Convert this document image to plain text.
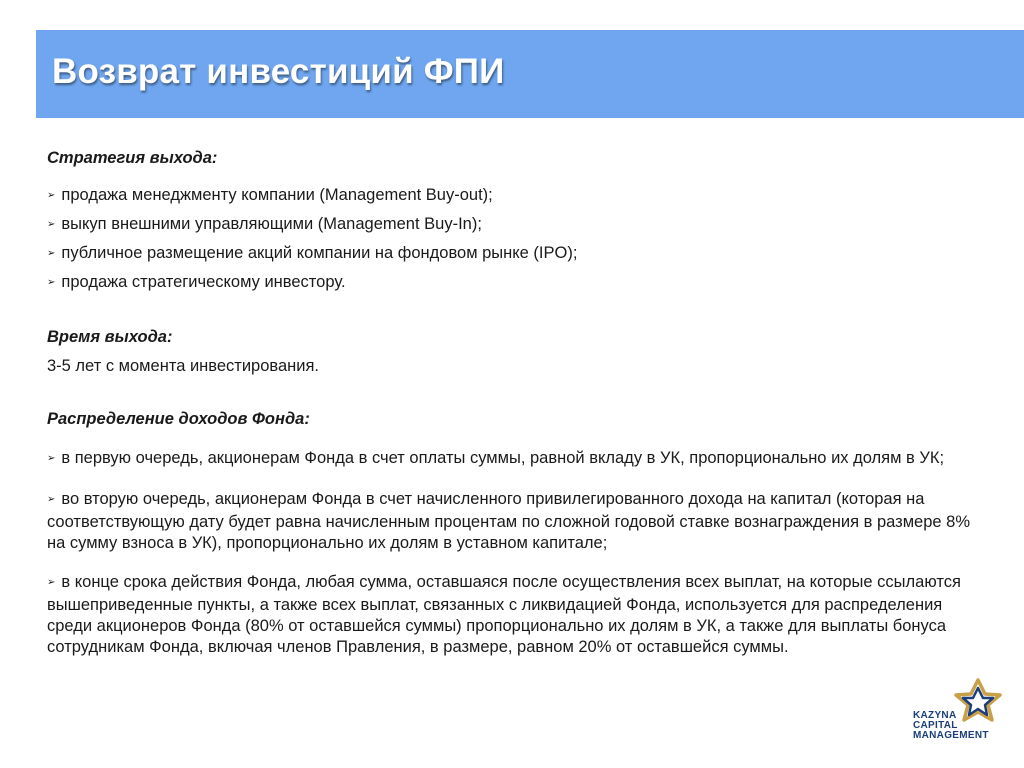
Возврат инвестиций ФПИ

Стратегия выхода:

➢ продажа менеджменту компании (Management Buy-out);
➢ выкуп внешними управляющими (Management Buy-In);
➢ публичное размещение акций компании на фондовом рынке (IPO);
➢ продажа стратегическому инвестору.

Время выхода:

3-5 лет с момента инвестирования.

Распределение доходов Фонда:

➢ в первую очередь, акционерам Фонда в счет оплаты суммы, равной вкладу в УК, пропорционально их долям в УК;
➢ во вторую очередь, акционерам Фонда в счет начисленного привилегированного дохода на капитал (которая на соответствующую дату будет равна начисленным процентам по сложной годовой ставке вознаграждения в размере 8% на сумму взноса в УК), пропорционально их долям в уставном капитале;
➢ в конце срока действия Фонда, любая сумма, оставшаяся после осуществления всех выплат, на которые ссылаются вышеприведенные пункты, а также всех выплат, связанных с ликвидацией Фонда, используется для распределения среди акционеров Фонда (80% от оставшейся суммы) пропорционально их долям в УК, а также для выплаты бонуса сотрудникам Фонда, включая членов Правления, в размере, равном 20% от оставшейся суммы.
KAZYNA
CAPITAL
MANAGEMENT
